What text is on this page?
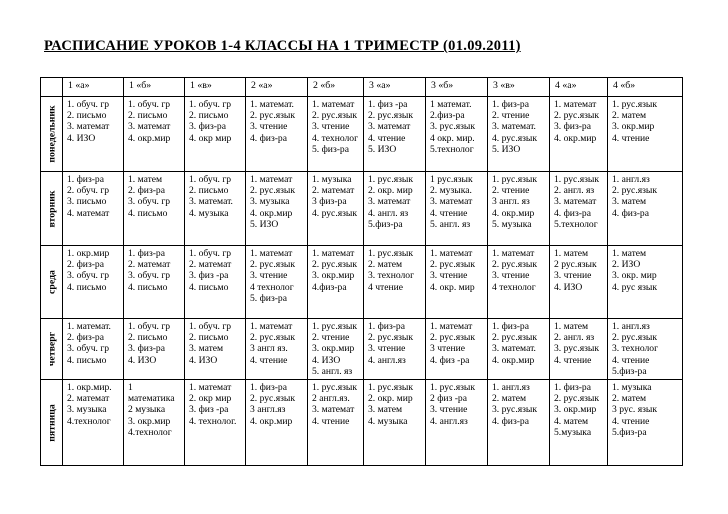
РАСПИСАНИЕ УРОКОВ 1-4 КЛАССЫ НА 1 ТРИМЕСТР (01.09.2011)
	1 «а»	1 «б»	1 «в»	2 «а»	2 «б»	3 «а»	3 «б»	3 «в»	4 «а»	4 «б»

понедельник	1. обуч. гр
2. письмо
3. математ
4. ИЗО	1. обуч. гр
2. письмо
3. математ
4. окр.мир	1. обуч. гр
2. письмо
3. физ-ра
4. окр мир	1. математ.
2. рус.язык
3. чтение
4. физ-ра	1. математ
2. рус.язык
3. чтение
4. технолог
5. физ-ра	1. физ -ра
2. рус.язык
3. математ
4. чтение
5. ИЗО	1 математ.
2.физ-ра
3. рус.язык
4 окр. мир.
5.технолог	1. физ-ра
2. чтение
3. математ.
4. рус.язык
5. ИЗО	1. математ
2. рус.язык
3. физ-ра
4. окр.мир	1. рус.язык
2. матем
3. окр.мир
4. чтение

вторник	1. физ-ра
2. обуч. гр
3. письмо
4. математ	1. матем
2. физ-ра
3. обуч. гр
4. письмо	1. обуч. гр
2. письмо
3. математ.
4. музыка	1. математ
2. рус.язык
3. музыка
4. окр.мир
5. ИЗО	1. музыка
2. математ
3 физ-ра
4. рус.язык	1. рус.язык
2. окр. мир
3. математ
4. англ. яз
5.физ-ра	1 рус.язык
2. музыка.
3. математ
4. чтение
5. англ. яз	1. рус.язык
2. чтение
3 англ. яз
4. окр.мир
5. музыка	1. рус.язык
2. англ. яз
3. математ
4. физ-ра
5.технолог	1. англ.яз
2. рус.язык
3. матем
4. физ-ра

среда	1. окр.мир
2. физ-ра
3. обуч. гр
4. письмо	1. физ-ра
2. математ
3. обуч. гр
4. письмо	1. обуч. гр
2. математ
3. физ -ра
4. письмо	1. математ
2. рус.язык
3. чтение
4 технолог
5. физ-ра	1. математ
2. рус.язык
3. окр.мир
4.физ-ра	1. рус.язык
2. матем
3. технолог
4 чтение	1. математ
2. рус.язык
3. чтение
4. окр. мир	1. математ
2. рус.язык
3. чтение
4 технолог	1. матем
2 рус.язык
3. чтение
4. ИЗО	1. матем
2. ИЗО
3. окр. мир
4. рус язык

четверг	1. математ.
2. физ-ра
3. обуч. гр
4. письмо	1. обуч. гр
2. письмо
3. физ-ра
4. ИЗО	1. обуч. гр
2. письмо
3. матем
4. ИЗО	1. математ
2. рус.язык
3 англ яз.
4. чтение	1. рус.язык
2. чтение
3. окр.мир
4. ИЗО
5. англ. яз	1. физ-ра
2. рус.язык
3. чтение
4. англ.яз	1. математ
2. рус.язык
3 чтение
4. физ -ра	1. физ-ра
2. рус.язык
3. математ.
4. окр.мир	1. матем
2. англ. яз
3. рус.язык
4. чтение	1. англ.яз
2. рус.язык
3. технолог
4. чтение
5.физ-ра

пятница	1. окр.мир.
2. математ
3. музыка
4.технолог	1
математика
2 музыка
3. окр.мир
4.технолог	1. математ
2. окр мир
3. физ -ра
4. технолог.	1. физ-ра
2. рус.язык
3 англ.яз
4. окр.мир	1. рус.язык
2 англ.яз.
3. математ
4. чтение	1. рус.язык
2. окр. мир
3. матем
4. музыка	1. рус.язык
2 физ -ра
3. чтение
4. англ.яз	1. англ.яз
2. матем
3. рус.язык
4. физ-ра	1. физ-ра
2. рус.язык
3. окр.мир
4. матем
5.музыка	1. музыка
2. матем
3 рус. язык
4. чтение
5.физ-ра
